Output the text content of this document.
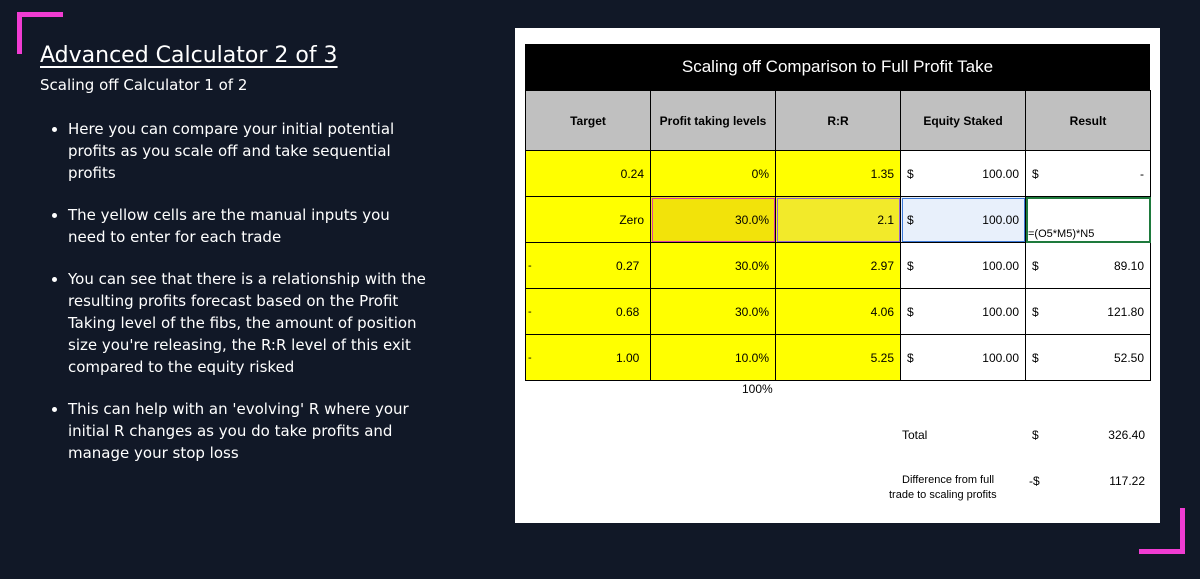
Advanced Calculator 2 of 3
Scaling off Calculator 1 of 2
• Here you can compare your initial potential profits as you scale off and take sequential profits
• The yellow cells are the manual inputs you need to enter for each trade
• You can see that there is a relationship with the resulting profits forecast based on the Profit Taking level of the fibs, the amount of position size you're releasing, the R:R level of this exit compared to the equity risked
• This can help with an 'evolving' R where your initial R changes as you do take profits and manage your stop loss
Scaling off Comparison to Full Profit Take
Target	Profit taking levels	R:R	Equity Staked	Result
0.24	0%	1.35	$ 100.00	$ -

Zero	30.0%	2.1	$ 100.00	=(O5*M5)*N5

- 0.27	30.0%	2.97	$ 100.00	$ 89.10

- 0.68	30.0%	4.06	$ 100.00	$ 121.80

- 1.00	10.0%	5.25	$ 100.00	$ 52.50
100%
Total	$	326.40
Difference from full
trade to scaling profits
-$	117.22
